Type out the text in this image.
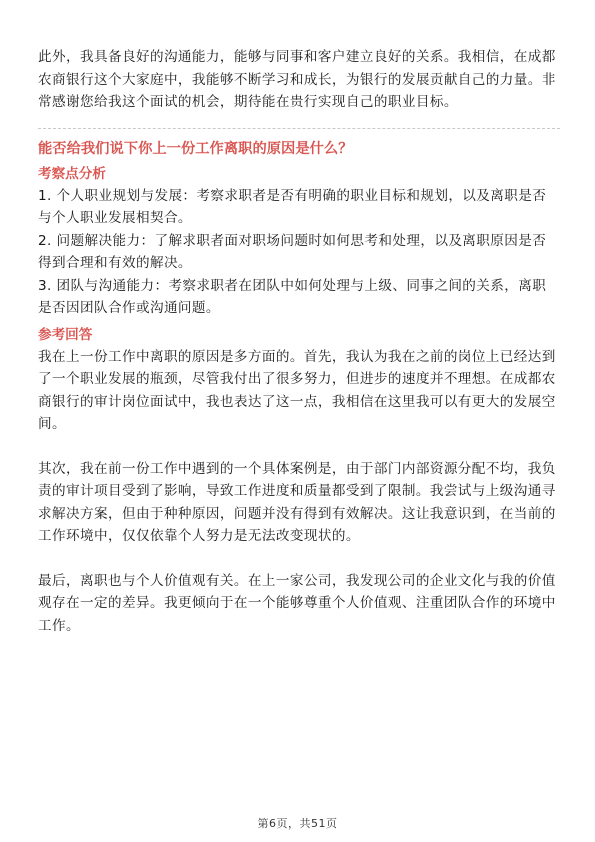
此外，我具备良好的沟通能力，能够与同事和客户建立良好的关系。我相信，在成都农商银行这个大家庭中，我能够不断学习和成长，为银行的发展贡献自己的力量。非常感谢您给我这个面试的机会，期待能在贵行实现自己的职业目标。

能否给我们说下你上一份工作离职的原因是什么？
考察点分析

1. 个人职业规划与发展：考察求职者是否有明确的职业目标和规划，以及离职是否与个人职业发展相契合。

2. 问题解决能力：了解求职者面对职场问题时如何思考和处理，以及离职原因是否得到合理和有效的解决。

3. 团队与沟通能力：考察求职者在团队中如何处理与上级、同事之间的关系，离职是否因团队合作或沟通问题。

参考回答

我在上一份工作中离职的原因是多方面的。首先，我认为我在之前的岗位上已经达到了一个职业发展的瓶颈，尽管我付出了很多努力，但进步的速度并不理想。在成都农商银行的审计岗位面试中，我也表达了这一点，我相信在这里我可以有更大的发展空间。

其次，我在前一份工作中遇到的一个具体案例是，由于部门内部资源分配不均，我负责的审计项目受到了影响，导致工作进度和质量都受到了限制。我尝试与上级沟通寻求解决方案，但由于种种原因，问题并没有得到有效解决。这让我意识到，在当前的工作环境中，仅仅依靠个人努力是无法改变现状的。

最后，离职也与个人价值观有关。在上一家公司，我发现公司的企业文化与我的价值观存在一定的差异。我更倾向于在一个能够尊重个人价值观、注重团队合作的环境中工作。

第6页，共51页
